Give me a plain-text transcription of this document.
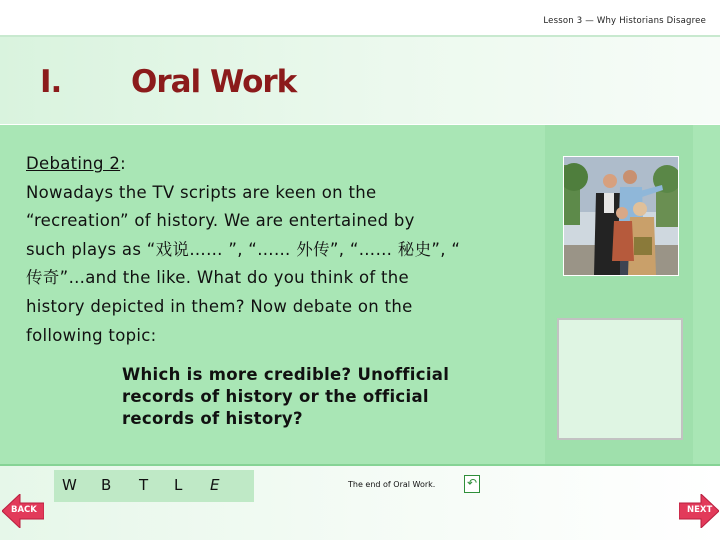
Lesson 3 — Why Historians Disagree
I. Oral Work
Debating 2:
Nowadays the TV scripts are keen on the
“recreation” of history. We are entertained by
such plays as “戏说…… ”, “…… 外传”, “…… 秘史”, “
传奇”…and the like. What do you think of the
history depicted in them? Now debate on the
following topic:
Which is more credible? Unofficial
records of history or the official
records of history?
W B T L E	The end of Oral Work.	↶
BACK	NEXT
